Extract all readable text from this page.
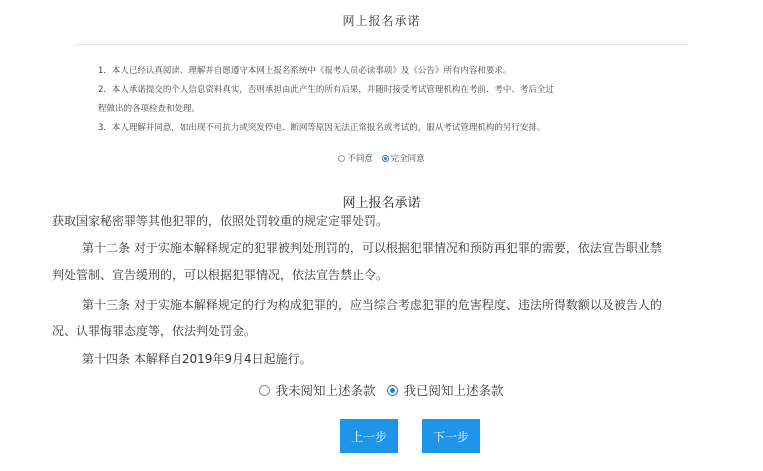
网上报名承诺
1．本人已经认真阅读、理解并自愿遵守本网上报名系统中《报考人员必读事项》及《公告》所有内容和要求。
2．本人承诺提交的个人信息资料真实，否则承担由此产生的所有后果，并随时接受考试管理机构在考前、考中、考后全过
程做出的各项检查和处理。
3．本人理解并同意，如出现不可抗力或突发停电、断网等原因无法正常报名或考试的，服从考试管理机构的另行安排。
不同意
完全同意
网上报名承诺
获取国家秘密罪等其他犯罪的，依照处罚较重的规定定罪处罚。
第十二条 对于实施本解释规定的犯罪被判处刑罚的，可以根据犯罪情况和预防再犯罪的需要，依法宣告职业禁
判处管制、宣告缓刑的，可以根据犯罪情况，依法宣告禁止令。
第十三条 对于实施本解释规定的行为构成犯罪的，应当综合考虑犯罪的危害程度、违法所得数额以及被告人的
况、认罪悔罪态度等，依法判处罚金。
第十四条 本解释自2019年9月4日起施行。
我未阅知上述条款
我已阅知上述条款
上一步	下一步
